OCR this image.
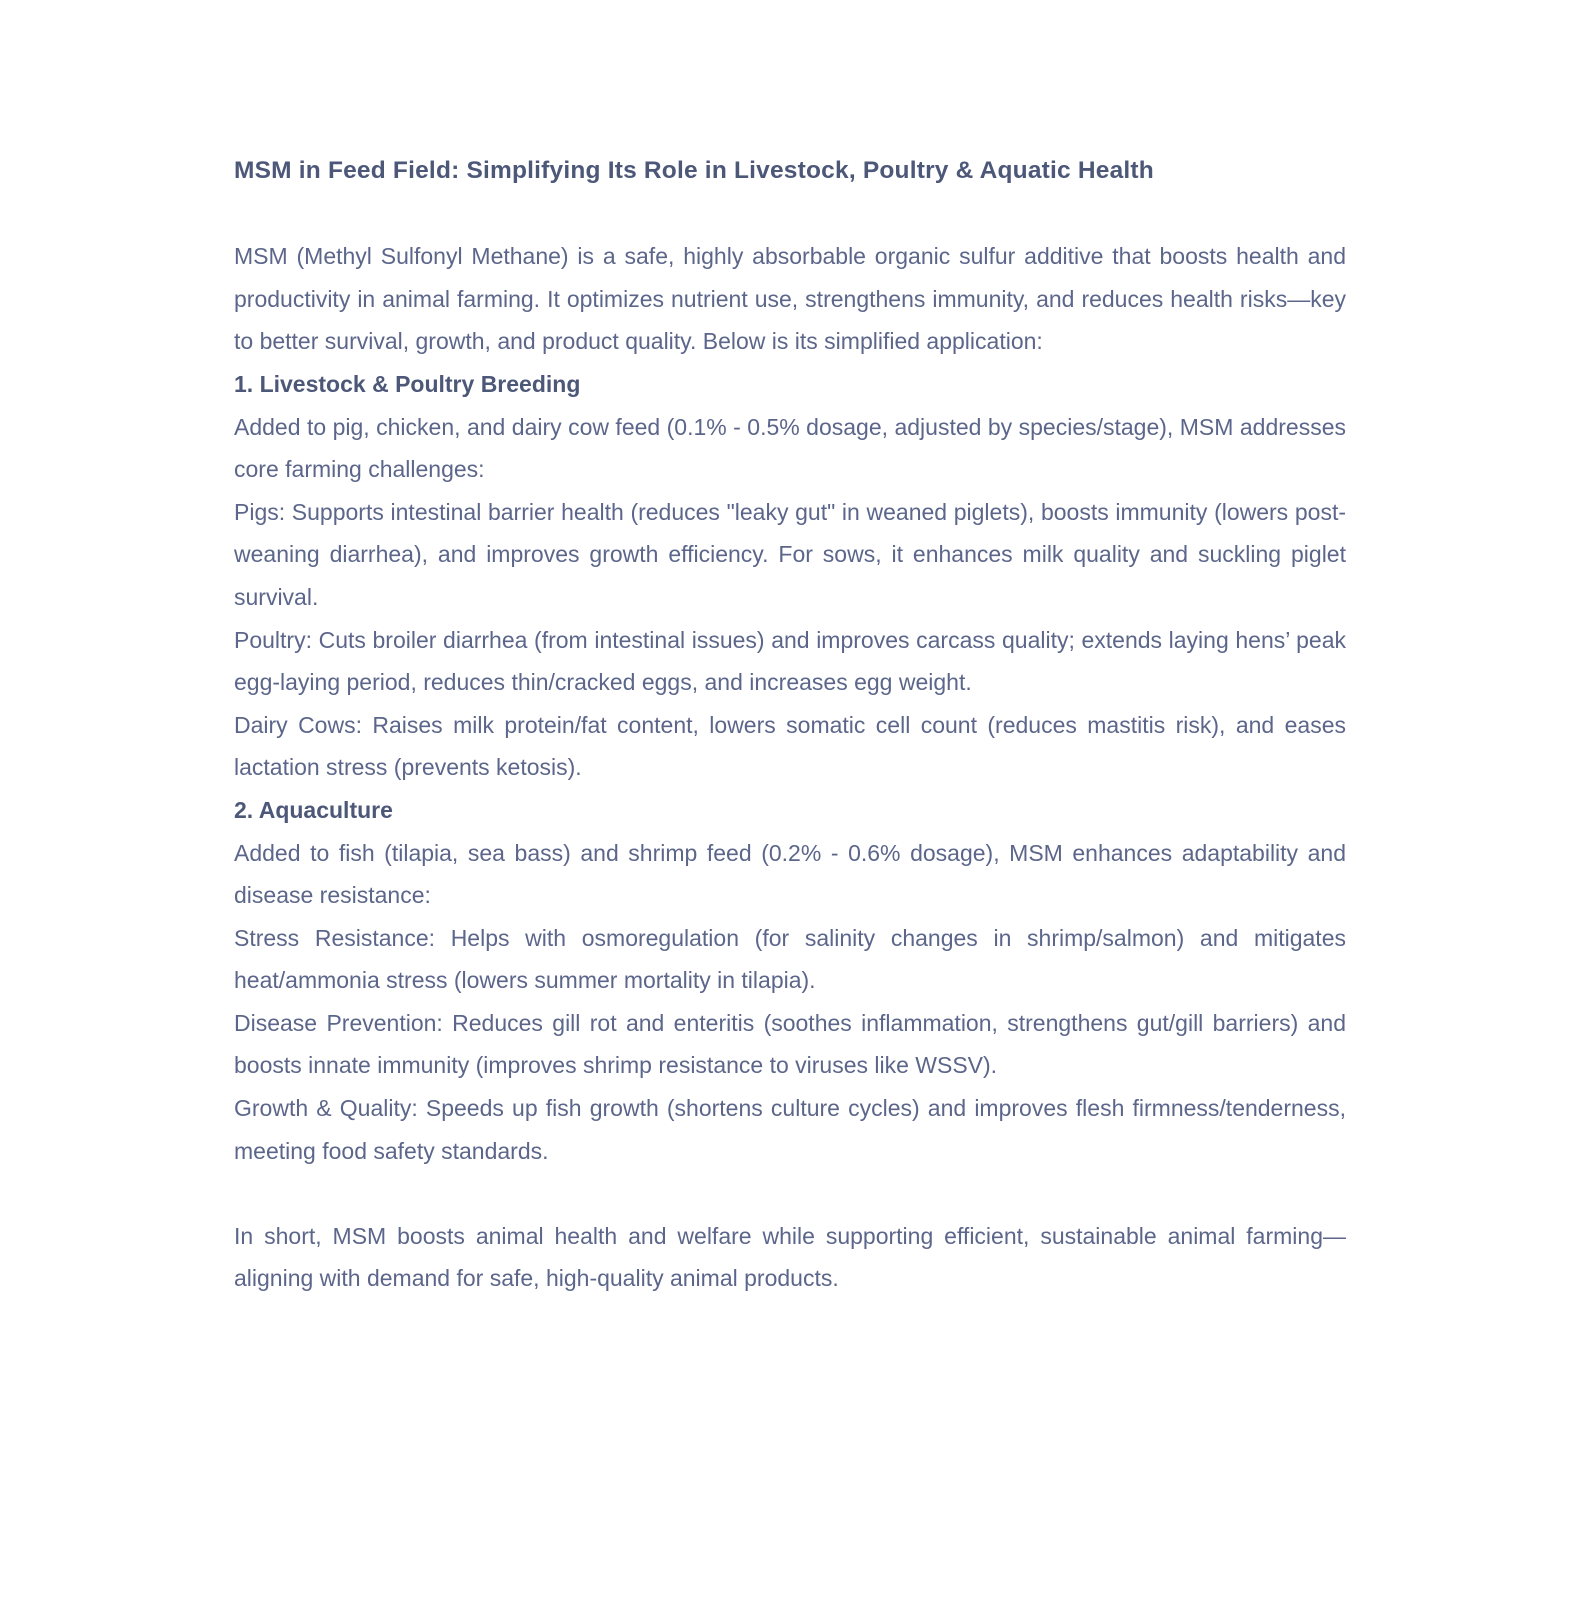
MSM in Feed Field: Simplifying Its Role in Livestock, Poultry & Aquatic Health

MSM (Methyl Sulfonyl Methane) is a safe, highly absorbable organic sulfur additive that boosts health and productivity in animal farming. It optimizes nutrient use, strengthens immunity, and reduces health risks—key to better survival, growth, and product quality. Below is its simplified application:

1. Livestock & Poultry Breeding

Added to pig, chicken, and dairy cow feed (0.1% - 0.5% dosage, adjusted by species/stage), MSM addresses core farming challenges:

Pigs: Supports intestinal barrier health (reduces "leaky gut" in weaned piglets), boosts immunity (lowers post-weaning diarrhea), and improves growth efficiency. For sows, it enhances milk quality and suckling piglet survival.

Poultry: Cuts broiler diarrhea (from intestinal issues) and improves carcass quality; extends laying hens’ peak egg-laying period, reduces thin/cracked eggs, and increases egg weight.

Dairy Cows: Raises milk protein/fat content, lowers somatic cell count (reduces mastitis risk), and eases lactation stress (prevents ketosis).

2. Aquaculture

Added to fish (tilapia, sea bass) and shrimp feed (0.2% - 0.6% dosage), MSM enhances adaptability and disease resistance:

Stress Resistance: Helps with osmoregulation (for salinity changes in shrimp/salmon) and mitigates heat/ammonia stress (lowers summer mortality in tilapia).

Disease Prevention: Reduces gill rot and enteritis (soothes inflammation, strengthens gut/gill barriers) and boosts innate immunity (improves shrimp resistance to viruses like WSSV).

Growth & Quality: Speeds up fish growth (shortens culture cycles) and improves flesh firmness/tenderness, meeting food safety standards.

In short, MSM boosts animal health and welfare while supporting efficient, sustainable animal farming—aligning with demand for safe, high-quality animal products.
